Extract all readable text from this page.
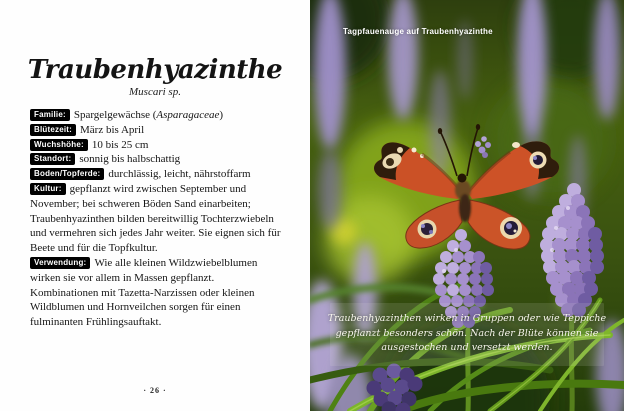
Traubenhyazinthe
Muscari sp.

Familie: Spargelgewächse (Asparagaceae)

Blütezeit: März bis April

Wuchshöhe: 10 bis 25 cm

Standort: sonnig bis halbschattig

Boden/Topferde: durchlässig, leicht, nährstoffarm

Kultur: gepflanzt wird zwischen September und November; bei schweren Böden Sand einarbeiten; Traubenhyazinthen bilden bereitwillig Tochterzwiebeln und vermehren sich jedes Jahr weiter. Sie eignen sich für Beete und für die Topfkultur.

Verwendung: Wie alle kleinen Wildzwiebelblumen wirken sie vor allem in Massen gepflanzt. Kombinationen mit Tazetta-Narzissen oder kleinen Wildblumen und Hornveilchen sorgen für einen fulminanten Frühlingsauftakt.

· 26 ·
Tagpfauenauge auf Traubenhyazinthe
Traubenhyazinthen wirken in Gruppen oder wie Teppiche gepflanzt besonders schön. Nach der Blüte können sie ausgestochen und versetzt werden.
